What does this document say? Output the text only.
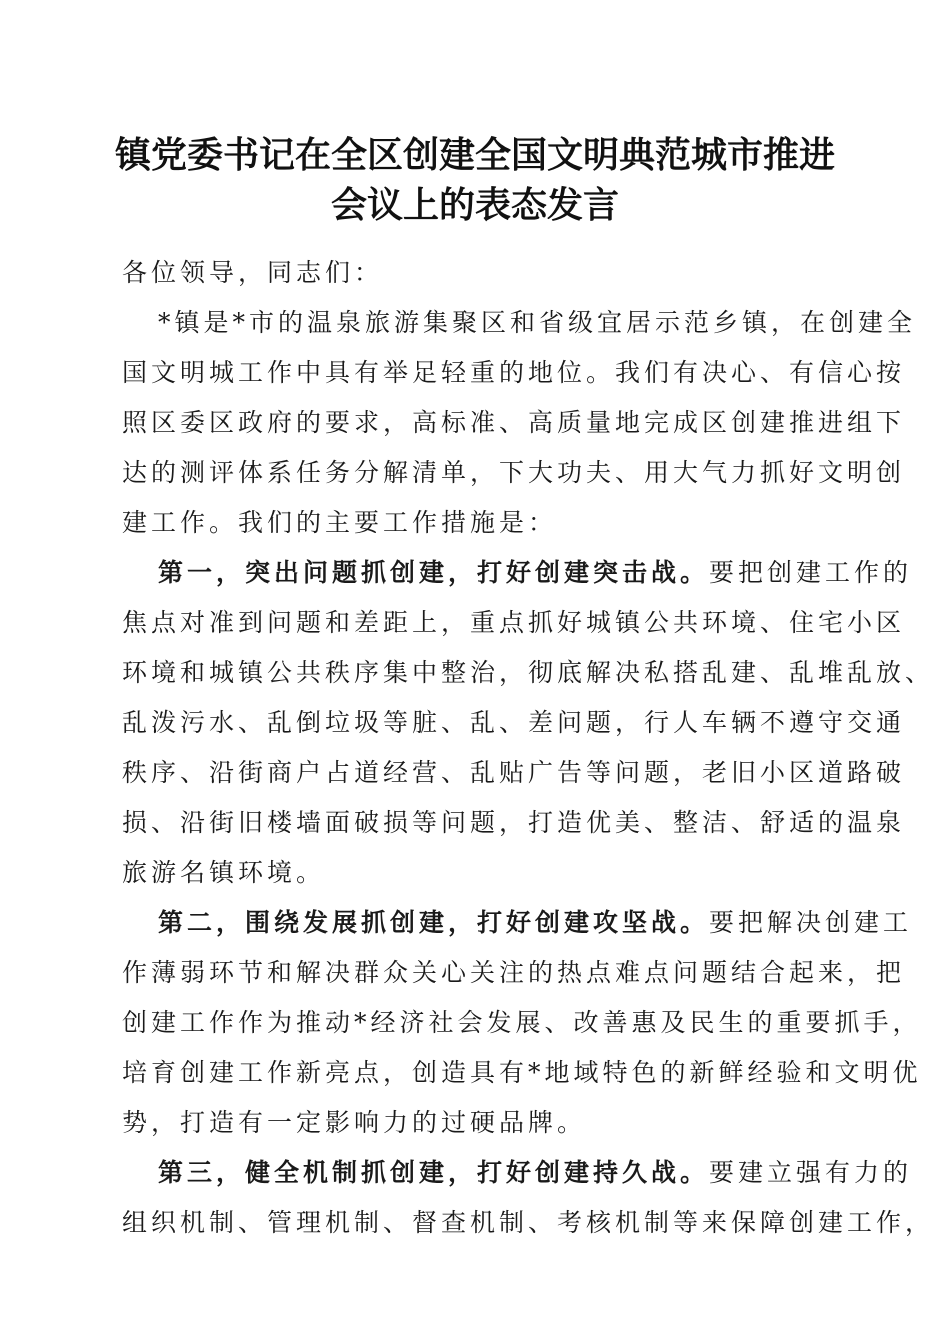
镇党委书记在全区创建全国文明典范城市推进
会议上的表态发言
各位领导，同志们：
*镇是*市的温泉旅游集聚区和省级宜居示范乡镇，在创建全
国文明城工作中具有举足轻重的地位。我们有决心、有信心按
照区委区政府的要求，高标准、高质量地完成区创建推进组下
达的测评体系任务分解清单，下大功夫、用大气力抓好文明创
建工作。我们的主要工作措施是：
第一，突出问题抓创建，打好创建突击战。要把创建工作的
焦点对准到问题和差距上，重点抓好城镇公共环境、住宅小区
环境和城镇公共秩序集中整治，彻底解决私搭乱建、乱堆乱放、
乱泼污水、乱倒垃圾等脏、乱、差问题，行人车辆不遵守交通
秩序、沿街商户占道经营、乱贴广告等问题，老旧小区道路破
损、沿街旧楼墙面破损等问题，打造优美、整洁、舒适的温泉
旅游名镇环境。
第二，围绕发展抓创建，打好创建攻坚战。要把解决创建工
作薄弱环节和解决群众关心关注的热点难点问题结合起来，把
创建工作作为推动*经济社会发展、改善惠及民生的重要抓手，
培育创建工作新亮点，创造具有*地域特色的新鲜经验和文明优
势，打造有一定影响力的过硬品牌。
第三，健全机制抓创建，打好创建持久战。要建立强有力的
组织机制、管理机制、督查机制、考核机制等来保障创建工作，
